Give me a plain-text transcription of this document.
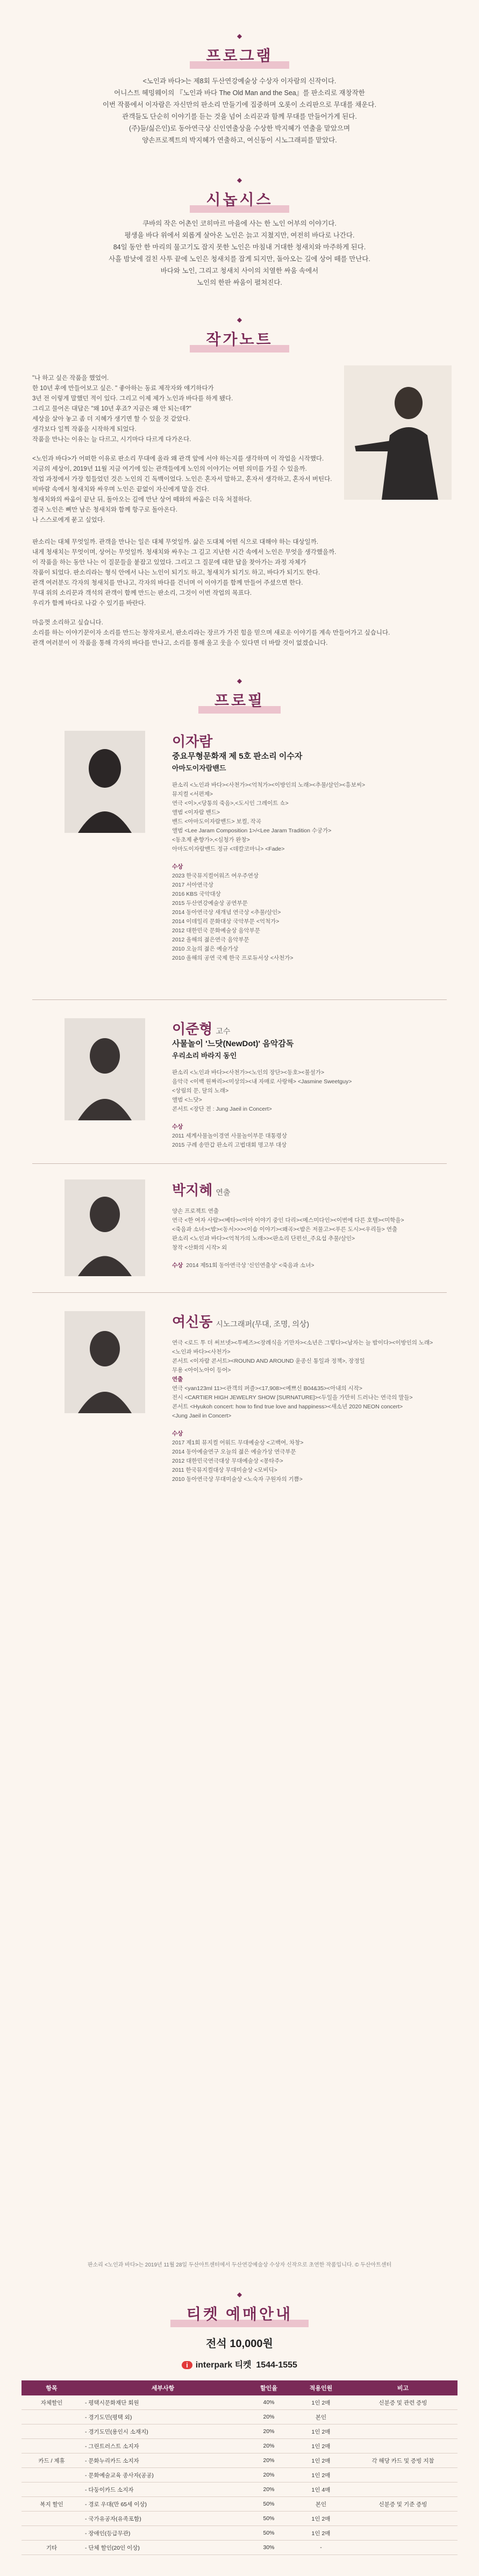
◆
프로그램
<노인과 바다>는 제8회 두산연강예술상 수상자 이자람의 신작이다.
어니스트 헤밍웨이의 『노인과 바다 The Old Man and the Sea』를 판소리로 재창작한
이번 작품에서 이자람은 자신만의 판소리 만들기에 집중하며 오롯이 소리판으로 무대를 채운다.
관객들도 단순히 이야기를 듣는 것을 넘어 소리꾼과 함께 무대를 만들어가게 된다.
(주)들/싫은인)로 동아연극상 신인연출상을 수상한 박지혜가 연출을 맡았으며
양손프로젝트의 박지혜가 연출하고, 여신동이 시노그래피를 맡았다.
◆
시놉시스
쿠바의 작은 어촌인 코히마르 마을에 사는 한 노인 어부의 이야기다.
평생을 바다 위에서 외롭게 살아온 노인은 늙고 지쳤지만, 여전히 바다로 나간다.
84일 동안 한 마리의 물고기도 잡지 못한 노인은 마침내 거대한 청새치와 마주하게 된다.
사흘 밤낮에 걸친 사투 끝에 노인은 청새치를 잡게 되지만, 돌아오는 길에 상어 떼를 만난다.
바다와 노인, 그리고 청새치 사이의 치열한 싸움 속에서
노인의 한판 싸움이 펼쳐진다.
◆
작가노트
"나 하고 싶은 작품을 했었어.
한 10년 후에 만들어보고 싶은. " 좋아하는 동료 제작자와 얘기하다가
3년 전 이렇게 말했던 적이 있다. 그리고 이제 제가 노인과 바다를 하게 됐다.
그리고 물어온 대답은 "왜 10년 후죠? 지금은 왜 안 되는데?"
세상을 살아 놓고 좀 더 지혜가 생기면 할 수 있을 것 같았다.
생각보다 일찍 작품을 시작하게 되었다.
작품을 만나는 이유는 늘 다르고, 시기마다 다르게 다가온다.
<노인과 바다>가 어떠한 이유로 판소리 무대에 올라 왜 관객 앞에 서야 하는지를 생각하며 이 작업을 시작했다.
지금의 세상이, 2019년 11월 지금 여기에 있는 관객들에게 노인의 이야기는 어떤 의미를 가질 수 있을까.
작업 과정에서 가장 힘들었던 것은 노인의 긴 독백이었다. 노인은 혼자서 말하고, 혼자서 생각하고, 혼자서 버틴다.
비바람 속에서 청새치와 싸우며 노인은 끝없이 자신에게 말을 건다.
청새치와의 싸움이 끝난 뒤, 돌아오는 길에 만난 상어 떼와의 싸움은 더욱 처절하다.
결국 노인은 뼈만 남은 청새치와 함께 항구로 돌아온다.
나 스스로에게 묻고 싶었다.
판소리는 대체 무엇일까. 관객을 만나는 일은 대체 무엇일까. 삶은 도대체 어떤 식으로 대해야 하는 대상일까.
내게 청새치는 무엇이며, 상어는 무엇일까. 청새치와 싸우는 그 길고 지난한 시간 속에서 노인은 무엇을 생각했을까.
이 작품을 하는 동안 나는 이 질문들을 붙잡고 있었다. 그리고 그 질문에 대한 답을 찾아가는 과정 자체가
작품이 되었다. 판소리라는 형식 안에서 나는 노인이 되기도 하고, 청새치가 되기도 하고, 바다가 되기도 한다.
관객 여러분도 각자의 청새치를 만나고, 각자의 바다를 건너며 이 이야기를 함께 만들어 주셨으면 한다.
무대 위의 소리꾼과 객석의 관객이 함께 만드는 판소리, 그것이 이번 작업의 목표다.
우리가 함께 바다로 나갈 수 있기를 바란다.
마음껏 소리하고 싶습니다.
소리를 하는 이야기꾼이자 소리를 만드는 창작자로서, 판소리라는 장르가 가진 힘을 믿으며 새로운 이야기를 계속 만들어가고 싶습니다.
관객 여러분이 이 작품을 통해 각자의 바다를 만나고, 소리를 통해 울고 웃을 수 있다면 더 바랄 것이 없겠습니다.
◆
프로필
이자람
중요무형문화재 제 5호 판소리 이수자
아마도이자람밴드
판소리 <노인과 바다><사천가><억척가><이방인의 노래><추물/살인><흥보씨>
뮤지컬 <서편제>
연극 <이>,<당통의 죽음>,<도시인 그레이트 쇼>
앨범 <이자람 밴드>
밴드 <아마도이자람밴드> 보컬, 작곡
앨범 <Lee Jaram Composition 1>/<Lee Jaram Tradition 수궁가>
<동초제 춘향가>,<심청가 완창>
아마도이자람밴드 정규 <데칼코마니> <Fade>
수상
2023 한국뮤지컬어워즈 여우주연상
2017 서아연극상
2016 KBS 국악대상
2015 두산연강예술상 공연부문
2014 동아연극상 새개념 연극상 <추물/살인>
2014 이데일리 문화대상 국악부문 <억척가>
2012 대한민국 문화예술상 음악부문
2012 올해의 젊은연극 음악부문
2010 오늘의 젊은 예술가상
2010 올해의 공연 국제 한국 프로듀서상 <사천가>
이준형 고수
사물놀이 '느닷(NewDot)' 음악감독
우리소리 바라지 동인
판소리 <노인과 바다><사천가><노인의 장단><동호><불설가>
음악극 <이백 원짜리><미상의><내 자매로 사랑해> <Jasmine Sweetguy>
<상림의 문, 달의 노래>
앨범 <느닷>
콘서트 <장단 전 : Jung Jaeil in Concert>
수상
2011 세계사물놀이경연 사물놀이부문 대통령상
2015 구례 송만갑 판소리 고법대회 명고부 대상
박지혜 연출
양손 프로젝트 연출
연극 <한 여자 사람><베타><아마 이야기 중인 다리><메스미다인><이번에 다른 호텔><미학을>
<죽음과 소녀><밤><동서>>><이솝 이야기><왜곡><밤은 저물고><푸른 도시><우리들> 연출
판소리 <노인과 바다><억척가의 노래>><판소리 단편선_주요섭 추물/살인>
창작 <산화의 시작> 외
수상 2014 제51회 동아연극상 '신인연출상' <죽음과 소녀>
여신동 시노그래퍼(무대, 조명, 의상)
연극 <로드 투 더 써브넷><투베즈><장례식을 기만자><소년은 그렇다><남자는 늘 밤이다><이방인의 노래>
<노인과 바다><사천가>
콘서트 <이자람 콘서트><ROUND AND AROUND 윤종신 통일과 정책>, 장정일
무용 <아이노아이 등어>
연출
연극 <yan123ml 11><관객의 퍼즐><17,908><예쁘신 B04&35><아내의 시작>
전시 <CARTIER HIGH JEWELRY SHOW [SURNATURE]><두일을 가만히 드러나는 연극의 말들>
콘서트 <Hyukoh concert: how to find true love and happiness><새소년 2020 NEON concert>
<Jung Jaeil in Concert>
수상
2017 제1회 뮤지컬 어워드 무대예술상 <고백여, 차창>
2014 동아예술연구 오늘의 젊은 예술가상 연극부문
2012 대한민국연극대상 무대예술상 <몽타주>
2011 한국뮤지컬대상 무대미술상 <모비딕>
2010 동아연극상 무대미술상 <노숙자 구원자의 기쁨>
판소리 <노인과 바다>는 2019년 11월 28일 두산아트센터에서 두산연강예술상 수상자 신작으로 초연한 작품입니다. © 두산아트센터
◆
티켓 예매안내
전석 10,000원
i interpark 티켓 1544-1555
항목	세부사항	할인율	적용인원	비고
자체할인	- 평택시문화재단 회원	40%	1인 2매	신분증 및 관련 증빙
	- 경기도민(평택 외)	20%	본인	
	- 경기도민(용인시 소재지)	20%	1인 2매	
	- 그린트러스트 소지자	20%	1인 2매	
카드 / 제휴	- 문화누리카드 소지자	20%	1인 2매	각 해당 카드 및 증빙 지참
	- 문화예술교육 종사자(공공)	20%	1인 2매	
	- 다둥이카드 소지자	20%	1인 4매	
복지 할인	- 경로 우대(만 65세 이상)	50%	본인	신분증 및 기준 증빙
	- 국가유공자(유족포함)	50%	1인 2매	
	- 장애인(등급무관)	50%	1인 2매	
기타	- 단체 할인(20인 이상)	30%	-	
